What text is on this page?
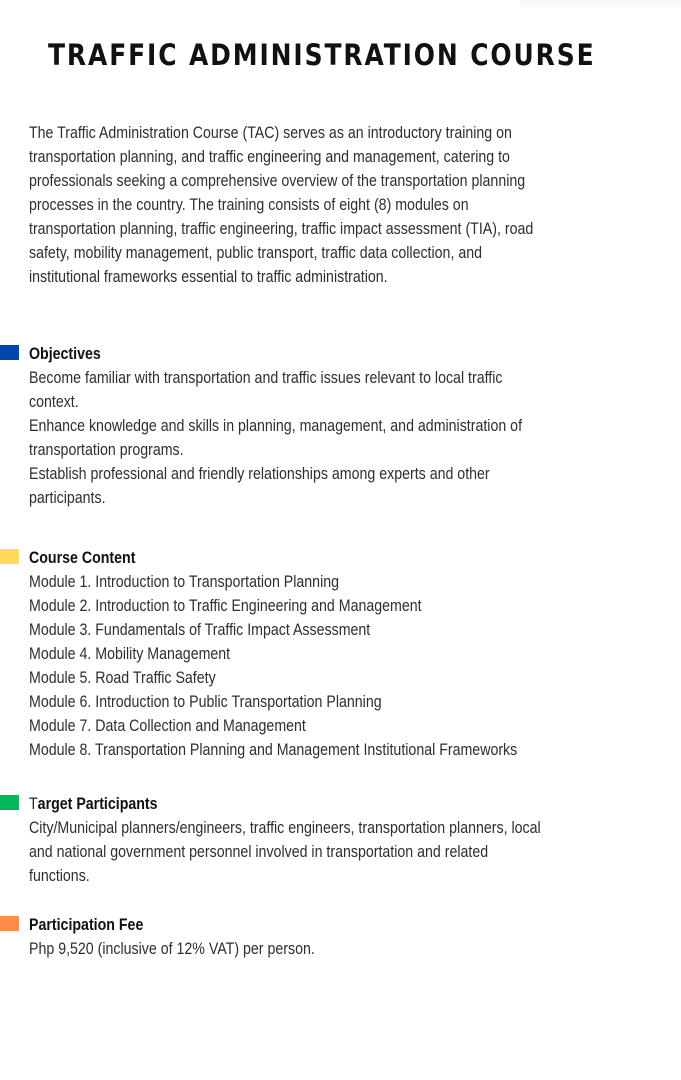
TRAFFIC ADMINISTRATION COURSE
The Traffic Administration Course (TAC) serves as an introductory training on
transportation planning, and traffic engineering and management, catering to
professionals seeking a comprehensive overview of the transportation planning
processes in the country. The training consists of eight (8) modules on
transportation planning, traffic engineering, traffic impact assessment (TIA), road
safety, mobility management, public transport, traffic data collection, and
institutional frameworks essential to traffic administration.
Objectives
Become familiar with transportation and traffic issues relevant to local traffic
context.
Enhance knowledge and skills in planning, management, and administration of
transportation programs.
Establish professional and friendly relationships among experts and other
participants.
Course Content
Module 1. Introduction to Transportation Planning
Module 2. Introduction to Traffic Engineering and Management
Module 3. Fundamentals of Traffic Impact Assessment
Module 4. Mobility Management
Module 5. Road Traffic Safety
Module 6. Introduction to Public Transportation Planning
Module 7. Data Collection and Management
Module 8. Transportation Planning and Management Institutional Frameworks
Target Participants
City/Municipal planners/engineers, traffic engineers, transportation planners, local
and national government personnel involved in transportation and related
functions.
Participation Fee
Php 9,520 (inclusive of 12% VAT) per person.
